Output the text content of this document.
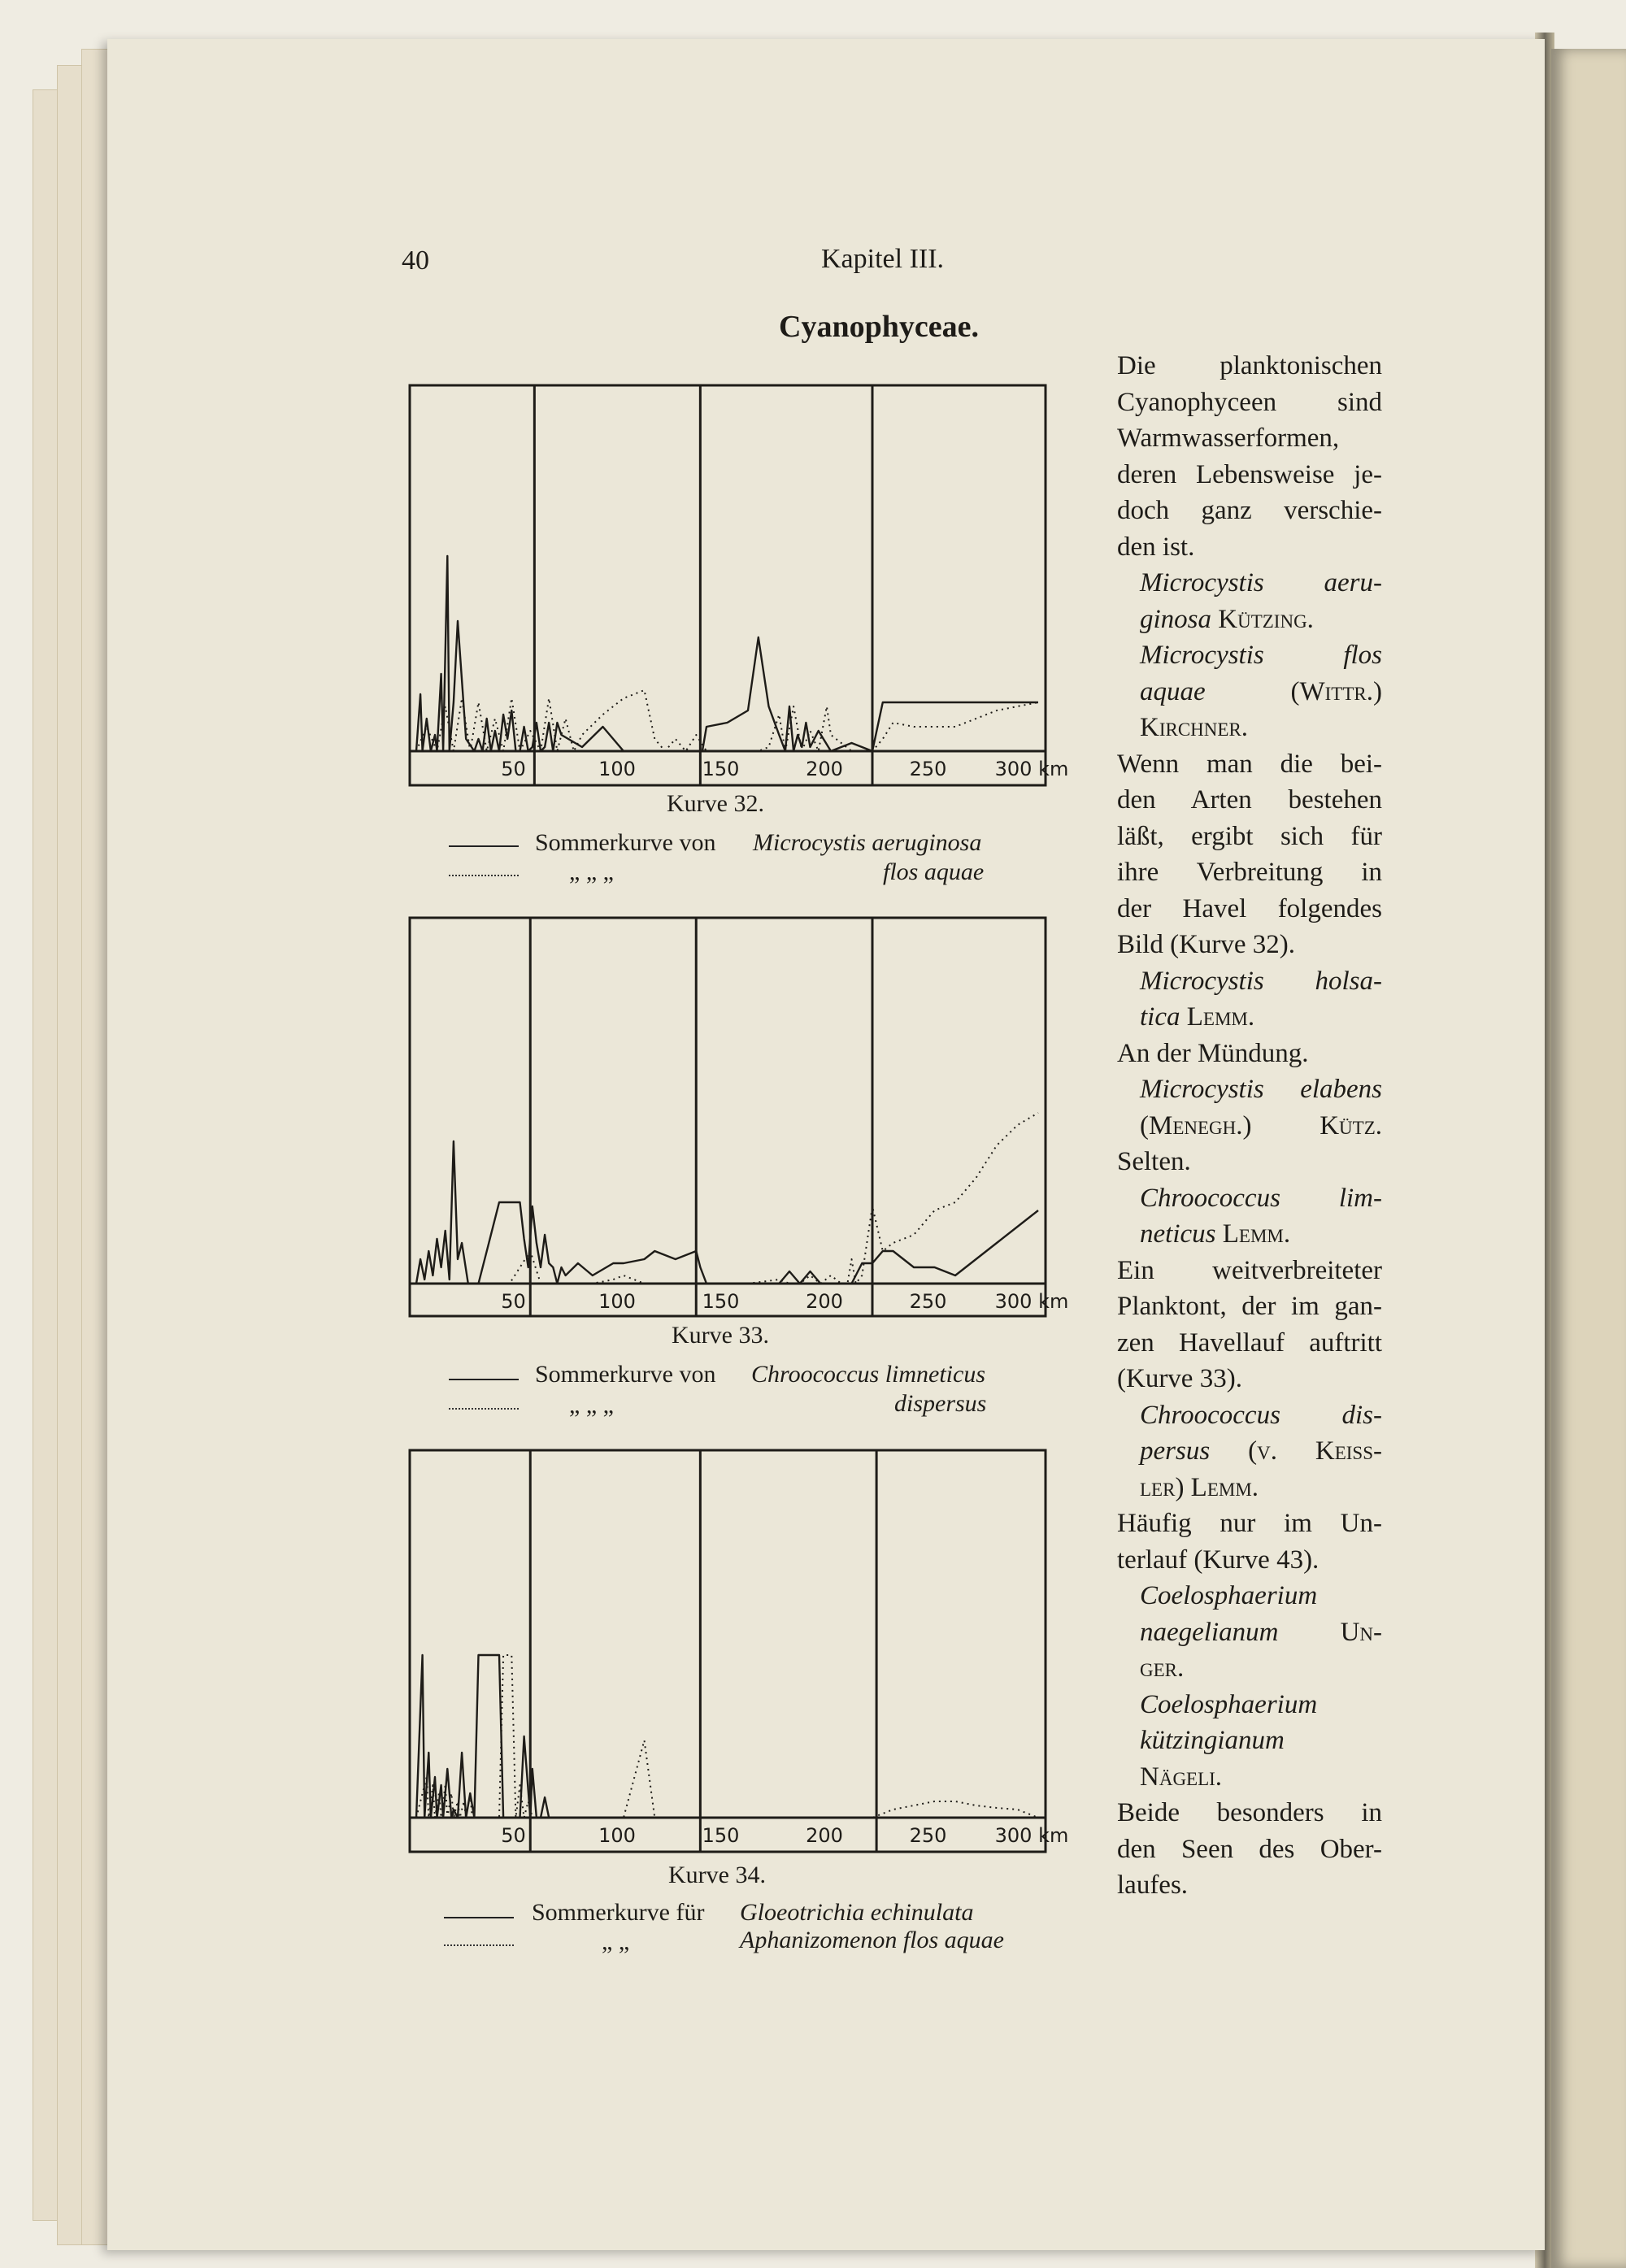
40	Kapitel III.
Cyanophyceae.
50	100	150	200	250 300 km
Kurve 32.
Sommerkurve von Microcystis aeruginosa
„ „ „	flos aquae
50	100	150	200	250 300 km
Kurve 33.
Sommerkurve von Chroococcus limneticus
„ „ „	dispersus
50	100	150	200	250 300 km
Kurve 34.
Sommerkurve für Gloeotrichia echinulata
„ „	Aphanizomenon flos aquae

Die planktonischen

Cyanophyceen sind

Warmwasserformen,

deren Lebensweise je-

doch ganz verschie-

den ist.

Microcystis aeru-

ginosa Kützing.

Microcystis flos

aquae	(Wittr.)

Kirchner.

Wenn man die bei-

den Arten bestehen

läßt, ergibt sich für

ihre Verbreitung in

der Havel folgendes

Bild (Kurve 32).

Microcystis holsa-

tica Lemm.

An der Mündung.

Microcystis elabens

(Menegh.) Kütz.

Selten.

Chroococcus lim-

neticus Lemm.

Ein weitverbreiteter

Planktont, der im gan-

zen Havellauf auftritt

(Kurve 33).

Chroococcus dis-

persus (v. Keiss-

ler) Lemm.

Häufig nur im Un-

terlauf (Kurve 43).

Coelosphaerium

naegelianum Un-

ger.

Coelosphaerium

kützingianum

Nägeli.

Beide besonders in

den Seen des Ober-

laufes.
